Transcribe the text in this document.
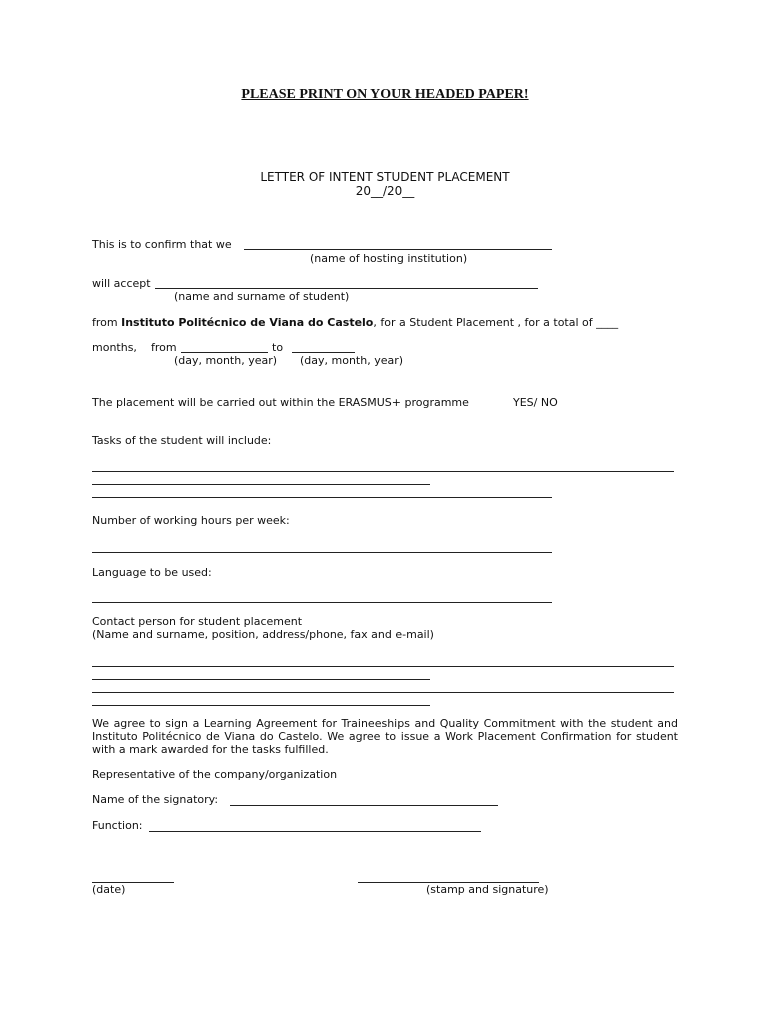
PLEASE PRINT ON YOUR HEADED PAPER!
LETTER OF INTENT STUDENT PLACEMENT
20__/20__
This is to confirm that we
(name of hosting institution)
will accept
(name and surname of student)
from Instituto Politécnico de Viana do Castelo, for a Student Placement , for a total of ____
months, from	to
(day, month, year) (day, month, year)
The placement will be carried out within the ERASMUS+ programme	YES/ NO
Tasks of the student will include:
Number of working hours per week:
Language to be used:
Contact person for student placement
(Name and surname, position, address/phone, fax and e-mail)
We agree to sign a Learning Agreement for Traineeships and Quality Commitment with the student and Instituto Politécnico de Viana do Castelo. We agree to issue a Work Placement Confirmation for student with a mark awarded for the tasks fulfilled.
Representative of the company/organization
Name of the signatory:
Function:
(date)	(stamp and signature)
